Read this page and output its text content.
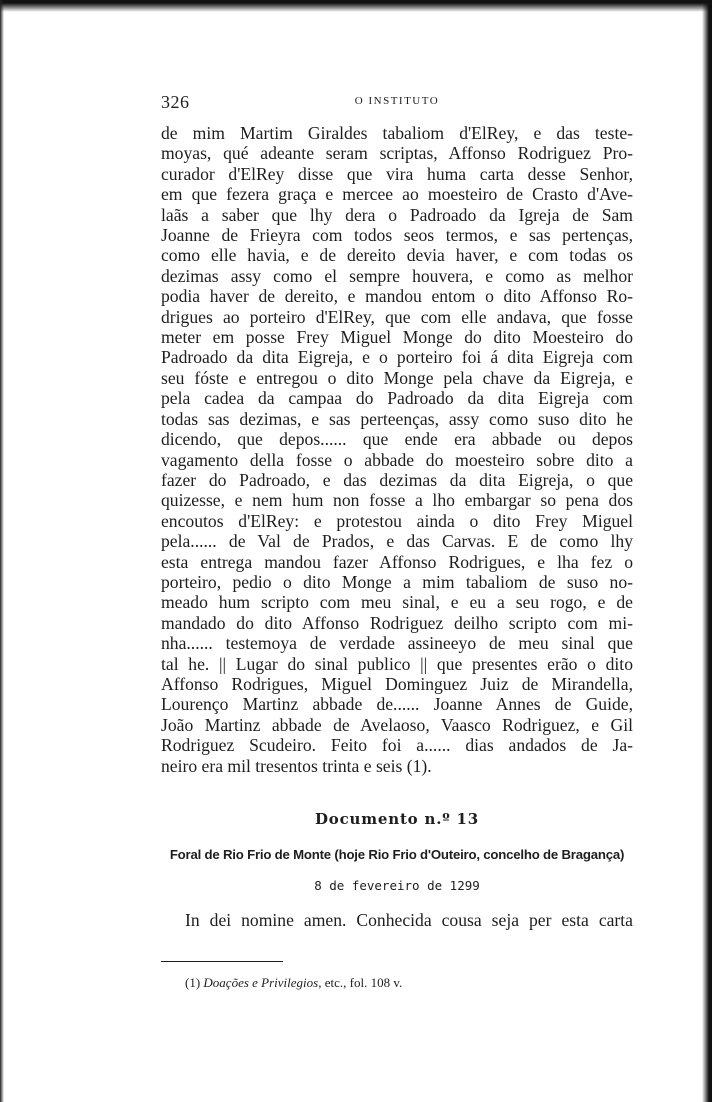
326	O INSTITUTO
de mim Martim Giraldes tabaliom d'ElRey, e das teste-
moyas, qué adeante seram scriptas, Affonso Rodriguez Pro-
curador d'ElRey disse que vira huma carta desse Senhor,
em que fezera graça e mercee ao moesteiro de Crasto d'Ave-
laãs a saber que lhy dera o Padroado da Igreja de Sam
Joanne de Frieyra com todos seos termos, e sas pertenças,
como elle havia, e de dereito devia haver, e com todas os
dezimas assy como el sempre houvera, e como as melhor
podia haver de dereito, e mandou entom o dito Affonso Ro-
drigues ao porteiro d'ElRey, que com elle andava, que fosse
meter em posse Frey Miguel Monge do dito Moesteiro do
Padroado da dita Eigreja, e o porteiro foi á dita Eigreja com
seu fóste e entregou o dito Monge pela chave da Eigreja, e
pela cadea da campaa do Padroado da dita Eigreja com
todas sas dezimas, e sas perteenças, assy como suso dito he
dicendo, que depos...... que ende era abbade ou depos
vagamento della fosse o abbade do moesteiro sobre dito a
fazer do Padroado, e das dezimas da dita Eigreja, o que
quizesse, e nem hum non fosse a lho embargar so pena dos
encoutos d'ElRey: e protestou ainda o dito Frey Miguel
pela...... de Val de Prados, e das Carvas. E de como lhy
esta entrega mandou fazer Affonso Rodrigues, e lha fez o
porteiro, pedio o dito Monge a mim tabaliom de suso no-
meado hum scripto com meu sinal, e eu a seu rogo, e de
mandado do dito Affonso Rodriguez deilho scripto com mi-
nha...... testemoya de verdade assineeyo de meu sinal que
tal he. || Lugar do sinal publico || que presentes erão o dito
Affonso Rodrigues, Miguel Dominguez Juiz de Mirandella,
Lourenço Martinz abbade de...... Joanne Annes de Guide,
João Martinz abbade de Avelaoso, Vaasco Rodriguez, e Gil
Rodriguez Scudeiro. Feito foi a...... dias andados de Ja-
neiro era mil tresentos trinta e seis (1).
Documento n.º 13
Foral de Rio Frio de Monte (hoje Rio Frio d'Outeiro, concelho de Bragança)
8 de fevereiro de 1299
In dei nomine amen. Conhecida cousa seja per esta carta
(1) Doações e Privilegios, etc., fol. 108 v.
